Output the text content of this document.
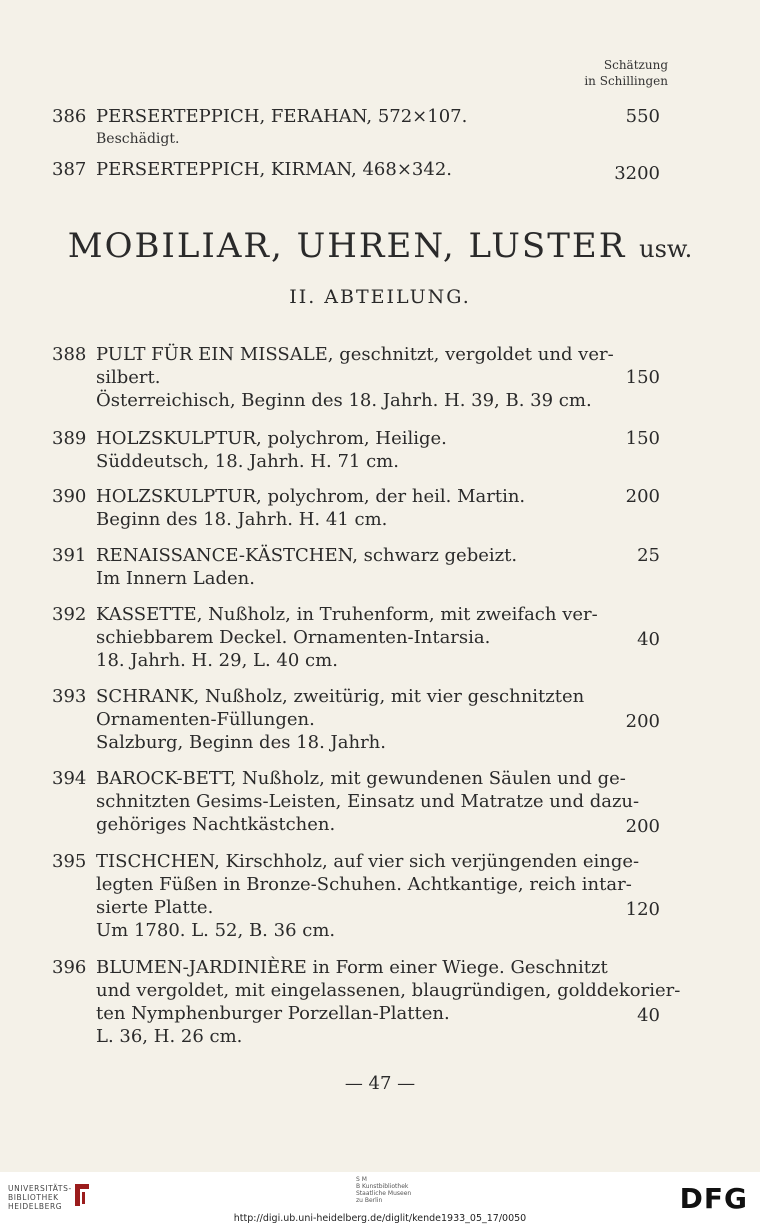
Schätzung
in Schillingen
386 PERSERTEPPICH, FERAHAN, 572×107.
Beschädigt.
550
387 PERSERTEPPICH, KIRMAN, 468×342.	3200
MOBILIAR, UHREN, LUSTER usw.
II. ABTEILUNG.
388 PULT FÜR EIN MISSALE, geschnitzt, vergoldet und ver-
silbert.
Österreichisch, Beginn des 18. Jahrh. H. 39, B. 39 cm.
150
389 HOLZSKULPTUR, polychrom, Heilige.
Süddeutsch, 18. Jahrh. H. 71 cm.
150
390 HOLZSKULPTUR, polychrom, der heil. Martin.
Beginn des 18. Jahrh. H. 41 cm.
200
391 RENAISSANCE-KÄSTCHEN, schwarz gebeizt.
Im Innern Laden.
25
392 KASSETTE, Nußholz, in Truhenform, mit zweifach ver-
schiebbarem Deckel. Ornamenten-Intarsia.
18. Jahrh. H. 29, L. 40 cm.
40
393 SCHRANK, Nußholz, zweitürig, mit vier geschnitzten
Ornamenten-Füllungen.
Salzburg, Beginn des 18. Jahrh.
200
394 BAROCK-BETT, Nußholz, mit gewundenen Säulen und ge-
schnitzten Gesims-Leisten, Einsatz und Matratze und dazu-
gehöriges Nachtkästchen.	200
395 TISCHCHEN, Kirschholz, auf vier sich verjüngenden einge-
legten Füßen in Bronze-Schuhen. Achtkantige, reich intar-
sierte Platte.
Um 1780. L. 52, B. 36 cm.
120
396 BLUMEN-JARDINIÈRE in Form einer Wiege. Geschnitzt
und vergoldet, mit eingelassenen, blaugründigen, golddekorier-
ten Nymphenburger Porzellan-Platten.
L. 36, H. 26 cm.
40
— 47 —
UNIVERSITÄTS-
BIBLIOTHEK
HEIDELBERG
S M
B Kunstbibliothek
Staatliche Museen
zu Berlin	DFG
http://digi.ub.uni-heidelberg.de/diglit/kende1933_05_17/0050
